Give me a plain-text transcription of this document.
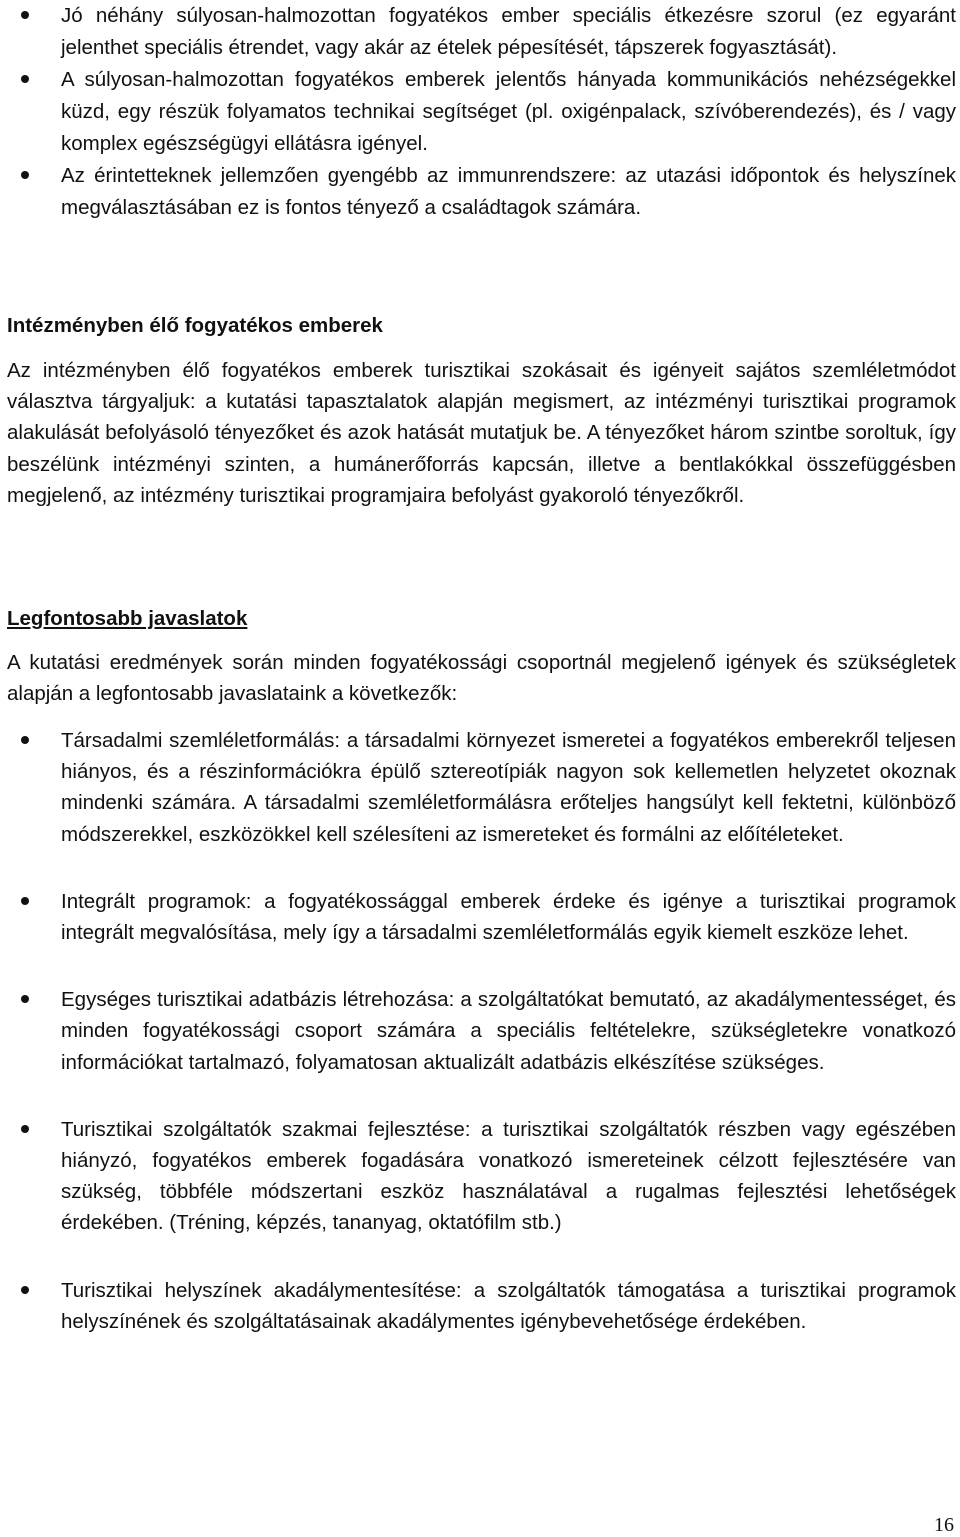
Jó néhány súlyosan-halmozottan fogyatékos ember speciális étkezésre szorul (ez egyaránt jelenthet speciális étrendet, vagy akár az ételek pépesítését, tápszerek fogyasztását).
A súlyosan-halmozottan fogyatékos emberek jelentős hányada kommunikációs nehézségekkel küzd, egy részük folyamatos technikai segítséget (pl. oxigénpalack, szívóberendezés), és / vagy komplex egészségügyi ellátásra igényel.
Az érintetteknek jellemzően gyengébb az immunrendszere: az utazási időpontok és helyszínek megválasztásában ez is fontos tényező a családtagok számára.
Intézményben élő fogyatékos emberek
Az intézményben élő fogyatékos emberek turisztikai szokásait és igényeit sajátos szemléletmódot választva tárgyaljuk: a kutatási tapasztalatok alapján megismert, az intézményi turisztikai programok alakulását befolyásoló tényezőket és azok hatását mutatjuk be. A tényezőket három szintbe soroltuk, így beszélünk intézményi szinten, a humánerőforrás kapcsán, illetve a bentlakókkal összefüggésben megjelenő, az intézmény turisztikai programjaira befolyást gyakoroló tényezőkről.
Legfontosabb javaslatok
A kutatási eredmények során minden fogyatékossági csoportnál megjelenő igények és szükségletek alapján a legfontosabb javaslataink a következők:
Társadalmi szemléletformálás: a társadalmi környezet ismeretei a fogyatékos emberekről teljesen hiányos, és a részinformációkra épülő sztereotípiák nagyon sok kellemetlen helyzetet okoznak mindenki számára. A társadalmi szemléletformálásra erőteljes hangsúlyt kell fektetni, különböző módszerekkel, eszközökkel kell szélesíteni az ismereteket és formálni az előítéleteket.
Integrált programok: a fogyatékossággal emberek érdeke és igénye a turisztikai programok integrált megvalósítása, mely így a társadalmi szemléletformálás egyik kiemelt eszköze lehet.
Egységes turisztikai adatbázis létrehozása: a szolgáltatókat bemutató, az akadálymentességet, és minden fogyatékossági csoport számára a speciális feltételekre, szükségletekre vonatkozó információkat tartalmazó, folyamatosan aktualizált adatbázis elkészítése szükséges.
Turisztikai szolgáltatók szakmai fejlesztése: a turisztikai szolgáltatók részben vagy egészében hiányzó, fogyatékos emberek fogadására vonatkozó ismereteinek célzott fejlesztésére van szükség, többféle módszertani eszköz használatával a rugalmas fejlesztési lehetőségek érdekében. (Tréning, képzés, tananyag, oktatófilm stb.)
Turisztikai helyszínek akadálymentesítése: a szolgáltatók támogatása a turisztikai programok helyszínének és szolgáltatásainak akadálymentes igénybevehetősége érdekében.
16
